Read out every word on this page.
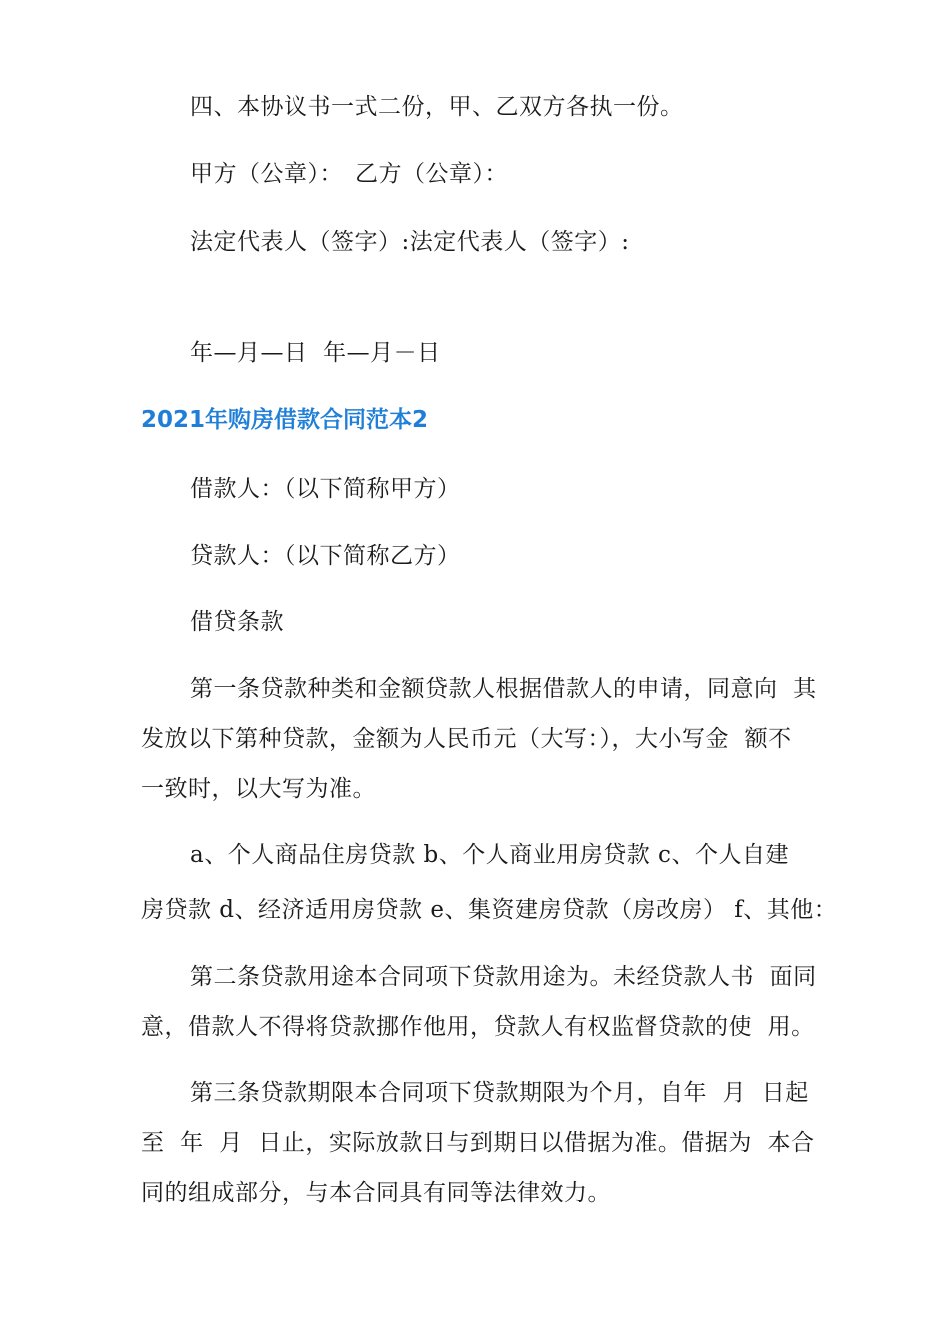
四、本协议书一式二份，甲、乙双方各执一份。
甲方（公章）：　乙方（公章）：
法定代表人（签字）:法定代表人（签字）:
年—月—日  年—月－日
2021年购房借款合同范本2
借款人：（以下简称甲方）
贷款人：（以下简称乙方）
借贷条款
第一条贷款种类和金额贷款人根据借款人的申请，同意向  其
发放以下第种贷款，金额为人民币元（大写：），大小写金  额不
一致时，以大写为准。
a、个人商品住房贷款 b、个人商业用房贷款 c、个人自建
房贷款 d、经济适用房贷款 e、集资建房贷款（房改房） f、其他：
第二条贷款用途本合同项下贷款用途为。未经贷款人书  面同
意，借款人不得将贷款挪作他用，贷款人有权监督贷款的使  用。
第三条贷款期限本合同项下贷款期限为个月，自年  月  日起
至  年  月  日止，实际放款日与到期日以借据为准。借据为  本合
同的组成部分，与本合同具有同等法律效力。
